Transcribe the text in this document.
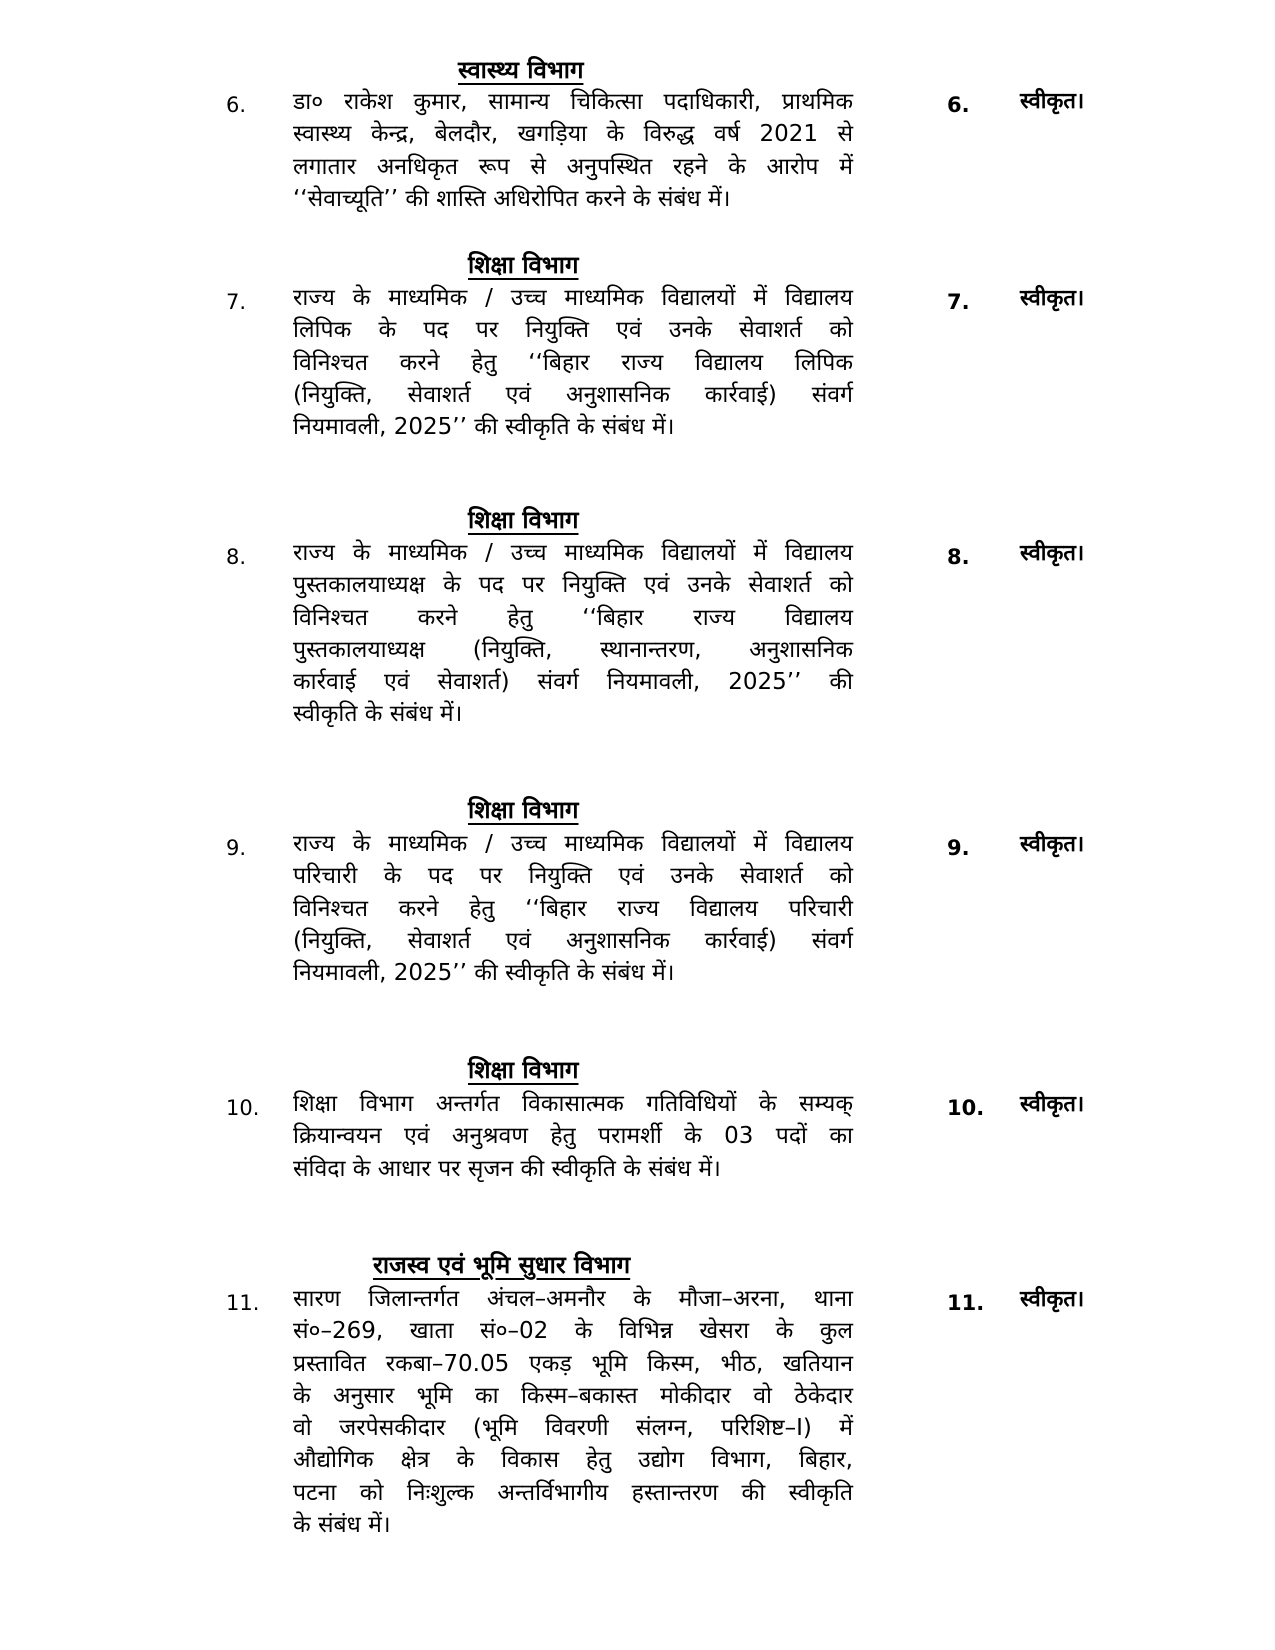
स्वास्थ्य विभाग
6. डा० राकेश कुमार, सामान्य चिकित्सा पदाधिकारी, प्राथमिक
स्वास्थ्य केन्द्र, बेलदौर, खगड़िया के विरुद्ध वर्ष 2021 से
लगातार अनधिकृत रूप से अनुपस्थित रहने के आरोप में
‘‘सेवाच्यूति’’ की शास्ति अधिरोपित करने के संबंध में।
6. स्वीकृत।
शिक्षा विभाग
7. राज्य के माध्यमिक / उच्च माध्यमिक विद्यालयों में विद्यालय
लिपिक के पद पर नियुक्ति एवं उनके सेवाशर्त को
विनिश्चत करने हेतु ‘‘बिहार राज्य विद्यालय लिपिक
(नियुक्ति, सेवाशर्त एवं अनुशासनिक कार्रवाई) संवर्ग
नियमावली, 2025’’ की स्वीकृति के संबंध में।
7. स्वीकृत।
शिक्षा विभाग
8. राज्य के माध्यमिक / उच्च माध्यमिक विद्यालयों में विद्यालय
पुस्तकालयाध्यक्ष के पद पर नियुक्ति एवं उनके सेवाशर्त को
विनिश्चत करने हेतु ‘‘बिहार राज्य विद्यालय
पुस्तकालयाध्यक्ष (नियुक्ति, स्थानान्तरण, अनुशासनिक
कार्रवाई एवं सेवाशर्त) संवर्ग नियमावली, 2025’’ की
स्वीकृति के संबंध में।
8. स्वीकृत।
शिक्षा विभाग
9. राज्य के माध्यमिक / उच्च माध्यमिक विद्यालयों में विद्यालय
परिचारी के पद पर नियुक्ति एवं उनके सेवाशर्त को
विनिश्चत करने हेतु ‘‘बिहार राज्य विद्यालय परिचारी
(नियुक्ति, सेवाशर्त एवं अनुशासनिक कार्रवाई) संवर्ग
नियमावली, 2025’’ की स्वीकृति के संबंध में।
9. स्वीकृत।
शिक्षा विभाग
10. शिक्षा विभाग अन्तर्गत विकासात्मक गतिविधियों के सम्यक्
क्रियान्वयन एवं अनुश्रवण हेतु परामर्शी के 03 पदों का
संविदा के आधार पर सृजन की स्वीकृति के संबंध में।
10. स्वीकृत।
राजस्व एवं भूमि सुधार विभाग
11. सारण जिलान्तर्गत अंचल–अमनौर के मौजा–अरना, थाना
सं०–269, खाता सं०–02 के विभिन्न खेसरा के कुल
प्रस्तावित रकबा–70.05 एकड़ भूमि किस्म, भीठ, खतियान
के अनुसार भूमि का किस्म–बकास्त मोकीदार वो ठेकेदार
वो जरपेसकीदार (भूमि विवरणी संलग्न, परिशिष्ट–I) में
औद्योगिक क्षेत्र के विकास हेतु उद्योग विभाग, बिहार,
पटना को निःशुल्क अन्तर्विभागीय हस्तान्तरण की स्वीकृति
के संबंध में।
11. स्वीकृत।
